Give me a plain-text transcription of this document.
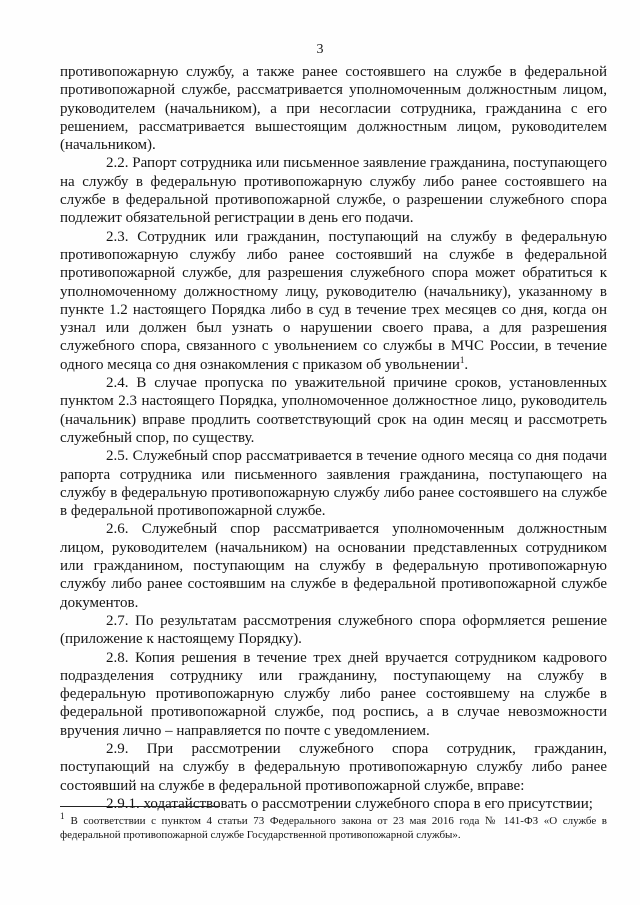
3

противопожарную службу, а также ранее состоявшего на службе в федеральной противопожарной службе, рассматривается уполномоченным должностным лицом, руководителем (начальником), а при несогласии сотрудника, гражданина с его решением, рассматривается вышестоящим должностным лицом, руководителем (начальником).

2.2. Рапорт сотрудника или письменное заявление гражданина, поступающего на службу в федеральную противопожарную службу либо ранее состоявшего на службе в федеральной противопожарной службе, о разрешении служебного спора подлежит обязательной регистрации в день его подачи.

2.3. Сотрудник или гражданин, поступающий на службу в федеральную противопожарную службу либо ранее состоявший на службе в федеральной противопожарной службе, для разрешения служебного спора может обратиться к уполномоченному должностному лицу, руководителю (начальнику), указанному в пункте 1.2 настоящего Порядка либо в суд в течение трех месяцев со дня, когда он узнал или должен был узнать о нарушении своего права, а для разрешения служебного спора, связанного с увольнением со службы в МЧС России, в течение одного месяца со дня ознакомления с приказом об увольнении$^1$.

2.4. В случае пропуска по уважительной причине сроков, установленных пунктом 2.3 настоящего Порядка, уполномоченное должностное лицо, руководитель (начальник) вправе продлить соответствующий срок на один месяц и рассмотреть служебный спор, по существу.

2.5. Служебный спор рассматривается в течение одного месяца со дня подачи рапорта сотрудника или письменного заявления гражданина, поступающего на службу в федеральную противопожарную службу либо ранее состоявшего на службе в федеральной противопожарной службе.

2.6. Служебный спор рассматривается уполномоченным должностным лицом, руководителем (начальником) на основании представленных сотрудником или гражданином, поступающим на службу в федеральную противопожарную службу либо ранее состоявшим на службе в федеральной противопожарной службе документов.

2.7. По результатам рассмотрения служебного спора оформляется решение (приложение к настоящему Порядку).

2.8. Копия решения в течение трех дней вручается сотрудником кадрового подразделения сотруднику или гражданину, поступающему на службу в федеральную противопожарную службу либо ранее состоявшему на службе в федеральной противопожарной службе, под роспись, а в случае невозможности вручения лично – направляется по почте с уведомлением.

2.9. При рассмотрении служебного спора сотрудник, гражданин, поступающий на службу в федеральную противопожарную службу либо ранее состоявший на службе в федеральной противопожарной службе, вправе:

2.9.1. ходатайствовать о рассмотрении служебного спора в его присутствии;

$^1$ В соответствии с пунктом 4 статьи 73 Федерального закона от 23 мая 2016 года № 141-ФЗ «О службе в федеральной противопожарной службе Государственной противопожарной службы».
